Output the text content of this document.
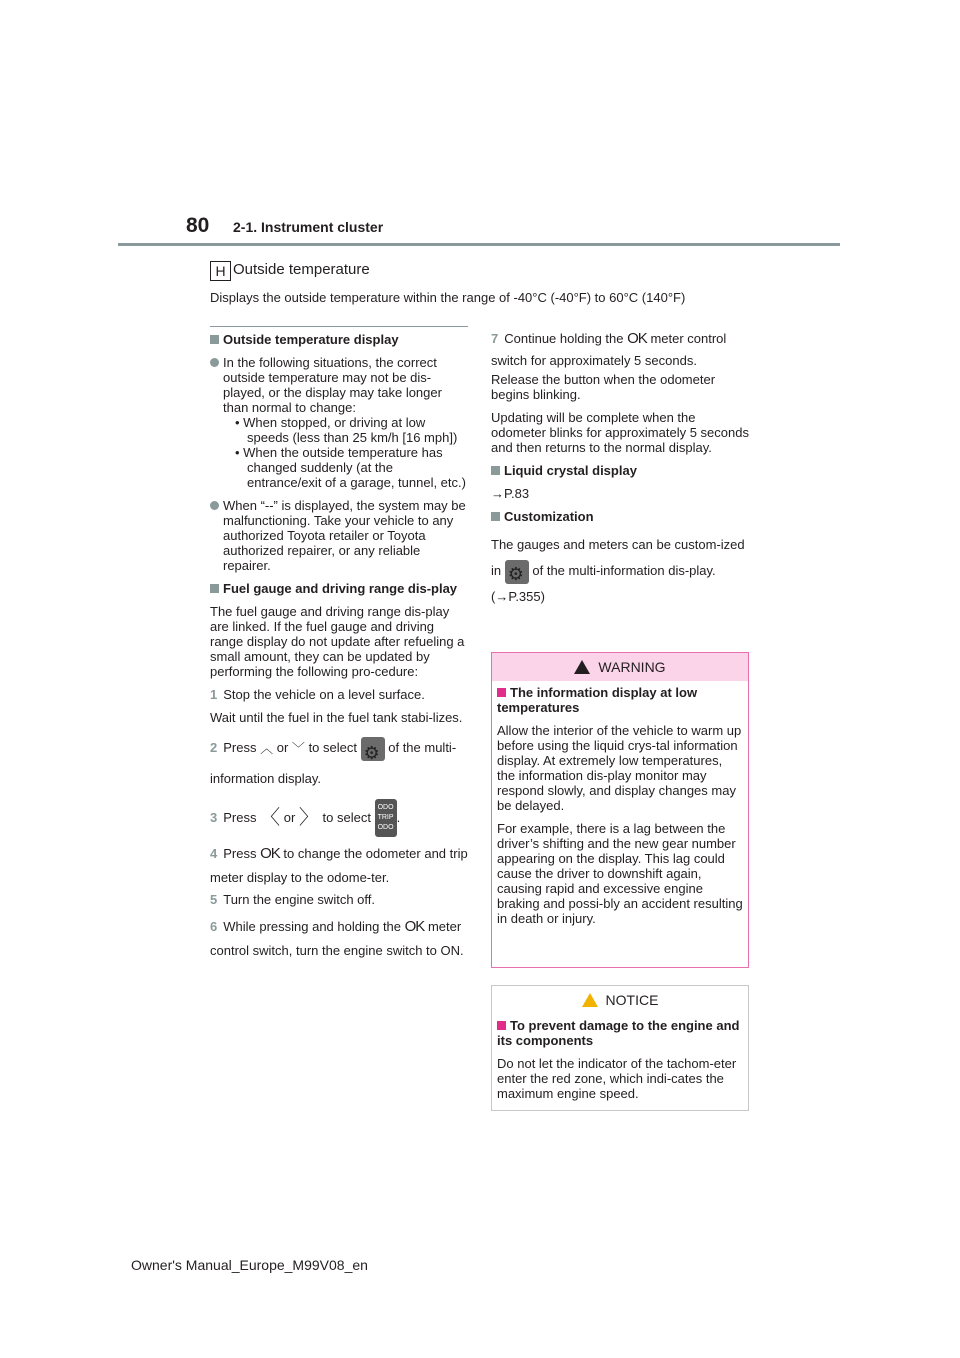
80 2-1. Instrument cluster
H Outside temperature
Displays the outside temperature within the range of -40°C (-40°F) to 60°C (140°F)

Outside temperature display

In the following situations, the correct outside temperature may not be dis-played, or the display may take longer than normal to change:
• When stopped, or driving at low speeds (less than 25 km/h [16 mph])
• When the outside temperature has changed suddenly (at the entrance/exit of a garage, tunnel, etc.)
When “--” is displayed, the system may be malfunctioning. Take your vehicle to any authorized Toyota retailer or Toyota authorized repairer, or any reliable repairer.

Fuel gauge and driving range dis-play

The fuel gauge and driving range dis-play are linked. If the fuel gauge and driving range display do not update after refueling a small amount, they can be updated by performing the following pro-cedure:

1 Stop the vehicle on a level surface.

Wait until the fuel in the fuel tank stabi-lizes.

2 Press ︿ or ﹀ to select ⚙ of the multi-information display.

3 Press 〈 or 〉 to select ODO TRIP ODO.

4 Press OK to change the odometer and trip meter display to the odome-ter.

5 Turn the engine switch off.

6 While pressing and holding the OK meter control switch, turn the engine switch to ON.

7 Continue holding the OK meter control switch for approximately 5 seconds.

Release the button when the odometer begins blinking.

Updating will be complete when the odometer blinks for approximately 5 seconds and then returns to the normal display.

Liquid crystal display

→P.83

Customization

The gauges and meters can be custom-ized in ⚙ of the multi-information dis-play. (→P.355)

WARNING

The information display at low temperatures

Allow the interior of the vehicle to warm up before using the liquid crys-tal information display. At extremely low temperatures, the information dis-play monitor may respond slowly, and display changes may be delayed.

For example, there is a lag between the driver’s shifting and the new gear number appearing on the display. This lag could cause the driver to downshift again, causing rapid and excessive engine braking and possi-bly an accident resulting in death or injury.

NOTICE

To prevent damage to the engine and its components

Do not let the indicator of the tachom-eter enter the red zone, which indi-cates the maximum engine speed.

Owner's Manual_Europe_M99V08_en
